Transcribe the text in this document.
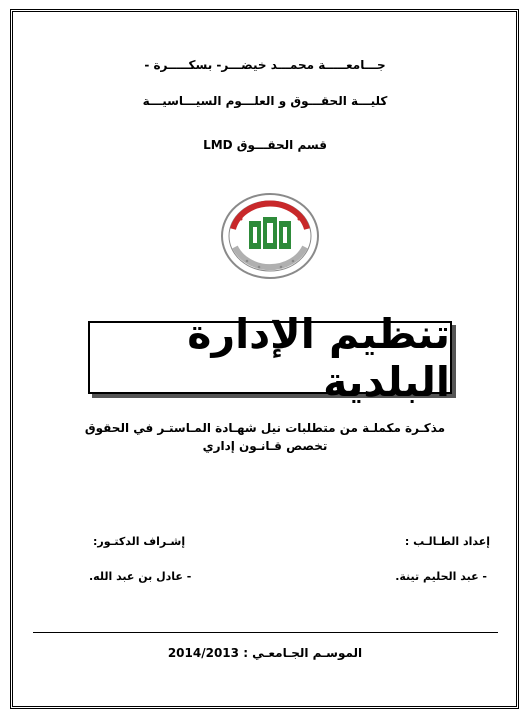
جـــامعـــــة محمـــد خيضـــر- بسكـــــرة -
كليـــة الحقـــوق و العلـــوم السيـــاسيـــة
قسم الحقـــوق LMD
تنظيم الإدارة البلدية
مذكـرة مكملـة من متطلبات نيل شهـادة المـاستـر في الحقوق
تخصص قـانـون إداري
إعداد الطـالـب :
إشـراف الدكتـور:
- عبد الحليم تينة.
- عادل بن عبد الله.
الموسـم الجـامعـي : 2014/2013
